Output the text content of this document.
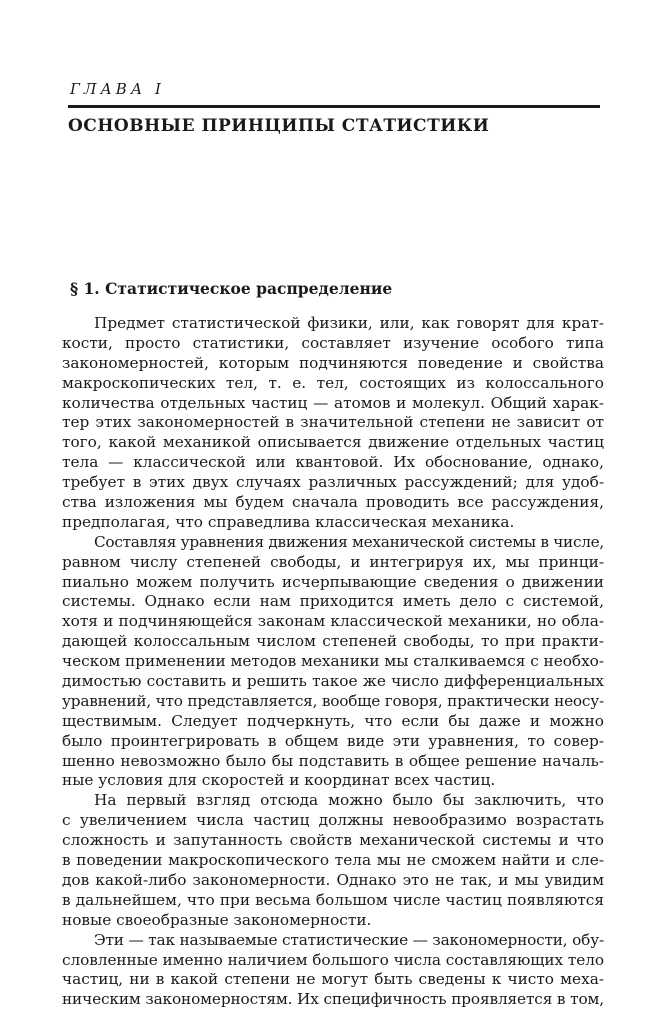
ГЛАВА I
ОСНОВНЫЕ ПРИНЦИПЫ СТАТИСТИКИ
§ 1. Статистическое распределение
Предмет статистической физики, или, как говорят для крат-
кости, просто статистики, составляет изучение особого типа
закономерностей, которым подчиняются поведение и свойства
макроскопических тел, т. е. тел, состоящих из колоссального
количества отдельных частиц — атомов и молекул. Общий харак-
тер этих закономерностей в значительной степени не зависит от
того, какой механикой описывается движение отдельных частиц
тела — классической или квантовой. Их обоснование, однако,
требует в этих двух случаях различных рассуждений; для удоб-
ства изложения мы будем сначала проводить все рассуждения,
предполагая, что справедлива классическая механика.
Составляя уравнения движения механической системы в числе,
равном числу степеней свободы, и интегрируя их, мы принци-
пиально можем получить исчерпывающие сведения о движении
системы. Однако если нам приходится иметь дело с системой,
хотя и подчиняющейся законам классической механики, но обла-
дающей колоссальным числом степеней свободы, то при практи-
ческом применении методов механики мы сталкиваемся с необхо-
димостью составить и решить такое же число дифференциальных
уравнений, что представляется, вообще говоря, практически неосу-
ществимым. Следует подчеркнуть, что если бы даже и можно
было проинтегрировать в общем виде эти уравнения, то совер-
шенно невозможно было бы подставить в общее решение началь-
ные условия для скоростей и координат всех частиц.
На первый взгляд отсюда можно было бы заключить, что
с увеличением числа частиц должны невообразимо возрастать
сложность и запутанность свойств механической системы и что
в поведении макроскопического тела мы не сможем найти и сле-
дов какой-либо закономерности. Однако это не так, и мы увидим
в дальнейшем, что при весьма большом числе частиц появляются
новые своеобразные закономерности.
Эти — так называемые статистические — закономерности, обу-
словленные именно наличием большого числа составляющих тело
частиц, ни в какой степени не могут быть сведены к чисто меха-
ническим закономерностям. Их специфичность проявляется в том,
